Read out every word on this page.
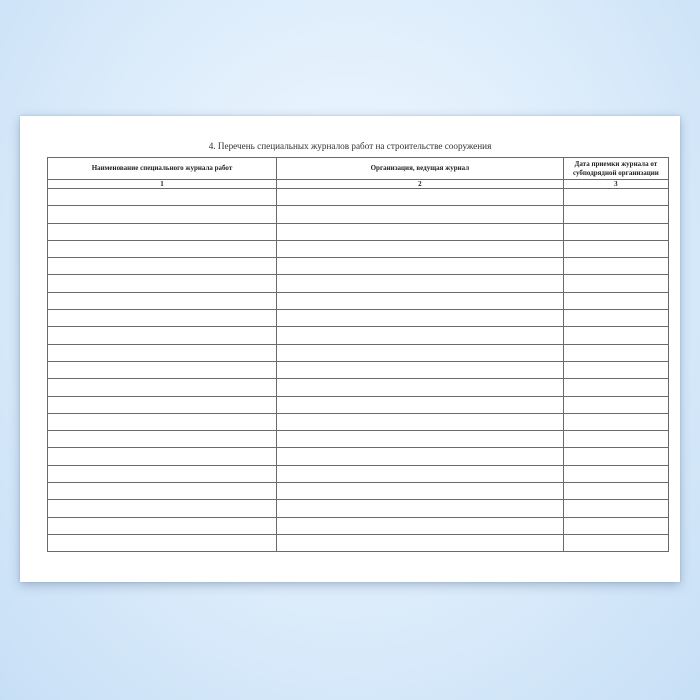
4. Перечень специальных журналов работ на строительстве сооружения
Наименование специального журнала работ	Организация, ведущая журнал	Дата приемки журнала от субподрядной организации
1	2	3
